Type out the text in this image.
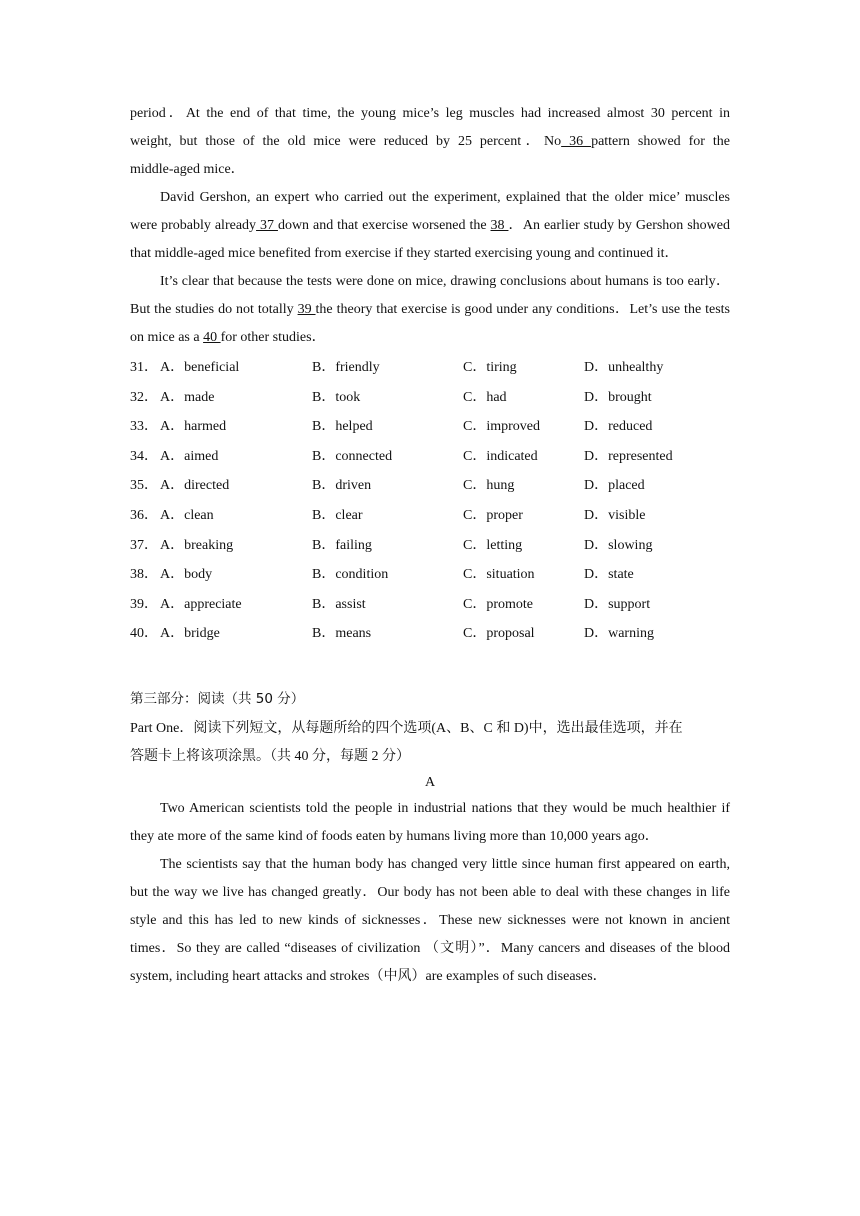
period．At the end of that time, the young mice’s leg muscles had increased almost 30 percent in

weight, but those of the old mice were reduced by 25 percent．No 36 pattern showed for the

middle-aged mice．

David Gershon, an expert who carried out the experiment, explained that the older mice’ muscles were probably already 37 down and that exercise worsened the 38 ．An earlier study by Gershon showed that middle-aged mice benefited from exercise if they started exercising young and continued it．

It’s clear that because the tests were done on mice, drawing conclusions about humans is too early．But the studies do not totally 39 the theory that exercise is good under any conditions．Let’s use the tests on mice as a 40 for other studies．

31． A．beneficial	B．friendly	C．tiring	D．unhealthy
32． A．made	B．took	C．had	D．brought
33． A．harmed	B．helped	C．improved	D．reduced
34． A．aimed	B．connected	C．indicated	D．represented
35． A．directed	B．driven	C．hung	D．placed
36． A．clean	B．clear	C．proper	D．visible
37． A．breaking	B．failing	C．letting	D．slowing
38． A．body	B．condition	C．situation	D．state
39． A．appreciate	B．assist	C．promote	D．support
40． A．bridge	B．means	C．proposal	D．warning
第三部分：阅读（共 50 分）

Part One．阅读下列短文，从每题所给的四个选项(A、B、C 和 D)中，选出最佳选项，并在

答题卡上将该项涂黑。（共 40 分，每题 2 分）

A

Two American scientists told the people in industrial nations that they would be much healthier if they ate more of the same kind of foods eaten by humans living more than 10,000 years ago．

The scientists say that the human body has changed very little since human first appeared on earth, but the way we live has changed greatly．Our body has not been able to deal with these changes in life style and this has led to new kinds of sicknesses．These new sicknesses were not known in ancient times．So they are called “diseases of civilization （文明）”．Many cancers and diseases of the blood system, including heart attacks and strokes（中风）are examples of such diseases．
